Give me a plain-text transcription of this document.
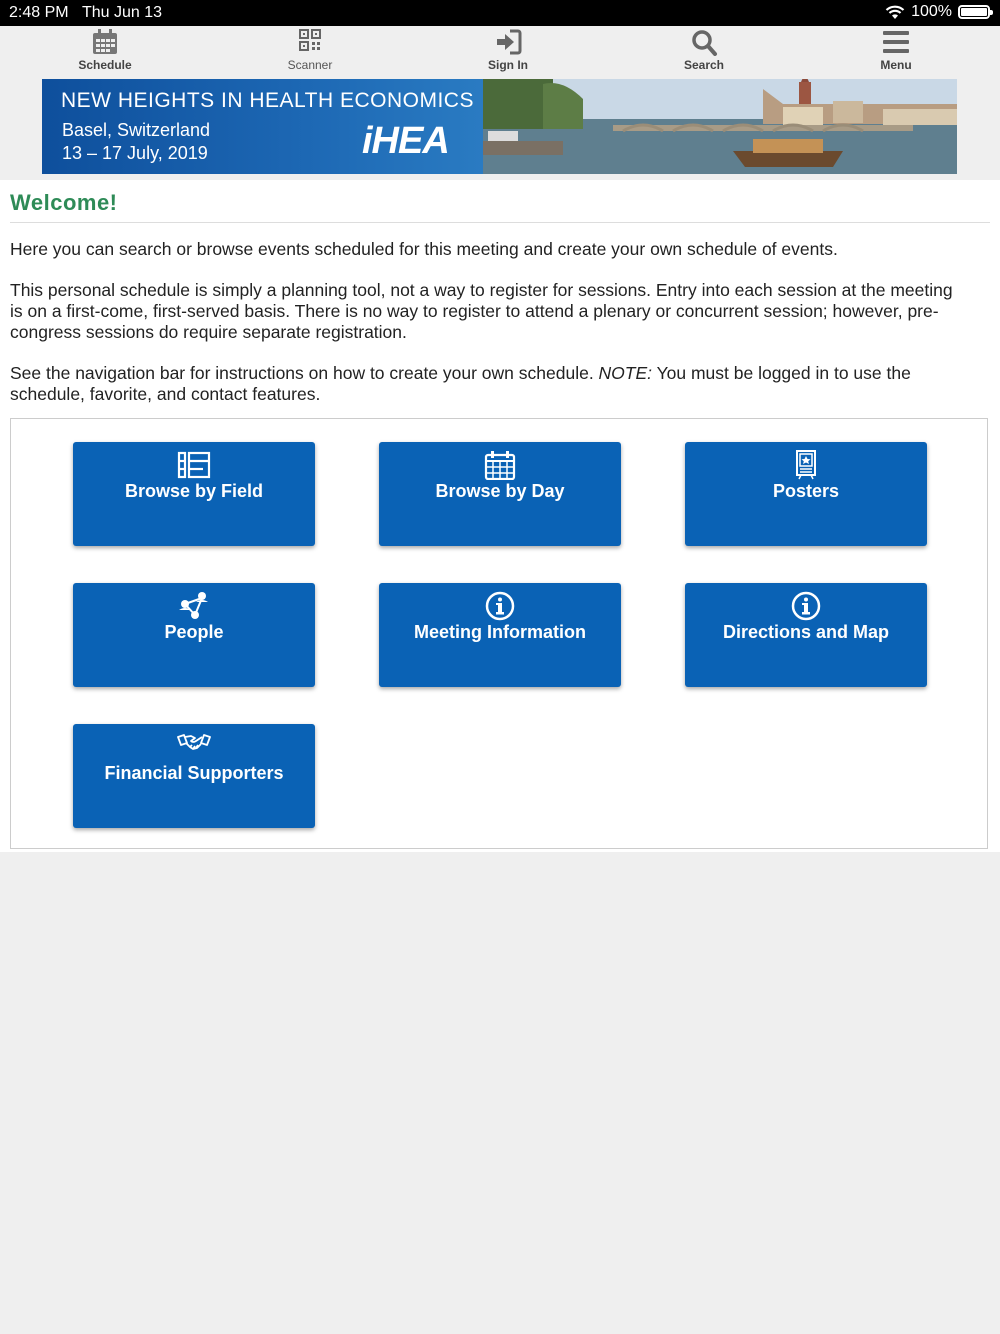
2:48 PM Thu Jun 13	100%
Schedule	Scanner	Sign In	Search	Menu
NEW HEIGHTS IN HEALTH ECONOMICS
Basel, Switzerland
13 – 17 July, 2019	iHEA
Welcome!

Here you can search or browse events scheduled for this meeting and create your own schedule of events.

This personal schedule is simply a planning tool, not a way to register for sessions. Entry into each session at the meeting is on a first-come, first-served basis. There is no way to register to attend a plenary or concurrent session; however, pre-congress sessions do require separate registration.

See the navigation bar for instructions on how to create your own schedule. NOTE: You must be logged in to use the schedule, favorite, and contact features.

Browse by Field	Browse by Day	Posters
People	Meeting Information	Directions and Map
Financial Supporters
